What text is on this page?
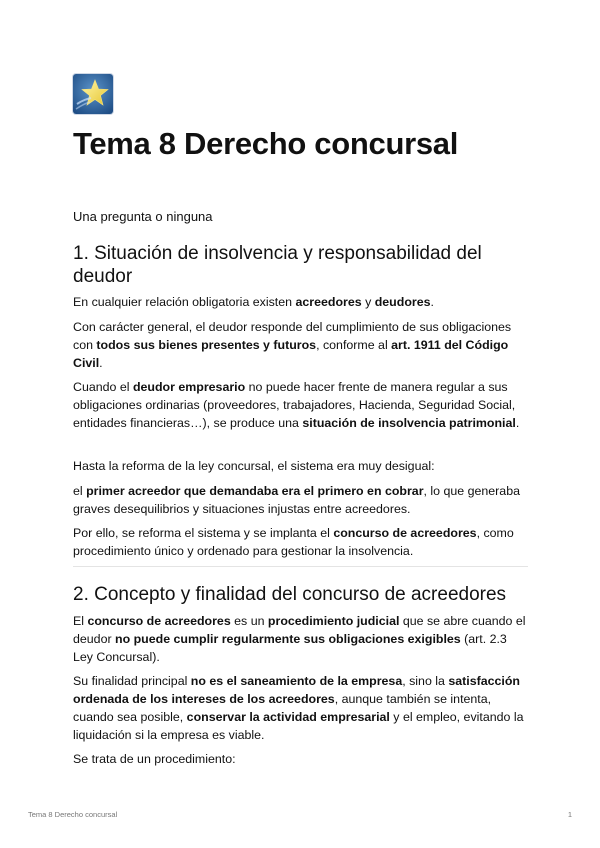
Tema 8 Derecho concursal

Una pregunta o ninguna

1. Situación de insolvencia y responsabilidad del deudor

En cualquier relación obligatoria existen acreedores y deudores.

Con carácter general, el deudor responde del cumplimiento de sus obligaciones con todos sus bienes presentes y futuros, conforme al art. 1911 del Código Civil.

Cuando el deudor empresario no puede hacer frente de manera regular a sus obligaciones ordinarias (proveedores, trabajadores, Hacienda, Seguridad Social, entidades financieras…), se produce una situación de insolvencia patrimonial.

Hasta la reforma de la ley concursal, el sistema era muy desigual:

el primer acreedor que demandaba era el primero en cobrar, lo que generaba graves desequilibrios y situaciones injustas entre acreedores.

Por ello, se reforma el sistema y se implanta el concurso de acreedores, como procedimiento único y ordenado para gestionar la insolvencia.

2. Concepto y finalidad del concurso de acreedores

El concurso de acreedores es un procedimiento judicial que se abre cuando el deudor no puede cumplir regularmente sus obligaciones exigibles (art. 2.3 Ley Concursal).

Su finalidad principal no es el saneamiento de la empresa, sino la satisfacción ordenada de los intereses de los acreedores, aunque también se intenta, cuando sea posible, conservar la actividad empresarial y el empleo, evitando la liquidación si la empresa es viable.

Se trata de un procedimiento:

Tema 8 Derecho concursal	1
